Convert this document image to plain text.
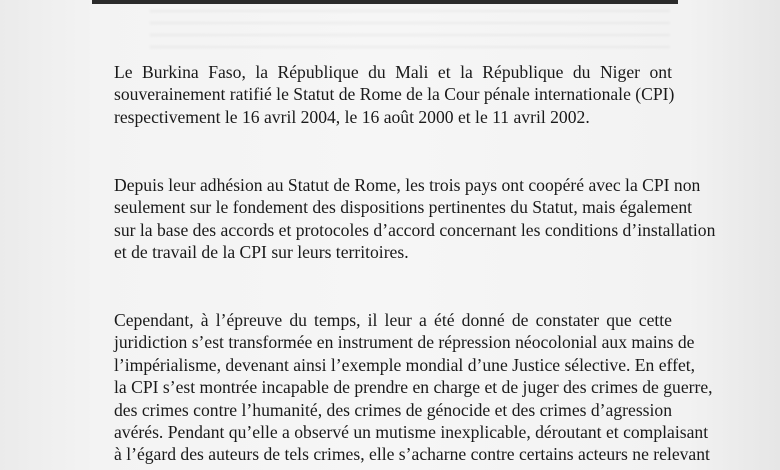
Le Burkina Faso, la République du Mali et la République du Niger ont
souverainement ratifié le Statut de Rome de la Cour pénale internationale (CPI)
respectivement le 16 avril 2004, le 16 août 2000 et le 11 avril 2002.
Depuis leur adhésion au Statut de Rome, les trois pays ont coopéré avec la CPI non
seulement sur le fondement des dispositions pertinentes du Statut, mais également
sur la base des accords et protocoles d’accord concernant les conditions d’installation
et de travail de la CPI sur leurs territoires.
Cependant, à l’épreuve du temps, il leur a été donné de constater que cette
juridiction s’est transformée en instrument de répression néocolonial aux mains de
l’impérialisme, devenant ainsi l’exemple mondial d’une Justice sélective. En effet,
la CPI s’est montrée incapable de prendre en charge et de juger des crimes de guerre,
des crimes contre l’humanité, des crimes de génocide et des crimes d’agression
avérés. Pendant qu’elle a observé un mutisme inexplicable, déroutant et complaisant
à l’égard des auteurs de tels crimes, elle s’acharne contre certains acteurs ne relevant
